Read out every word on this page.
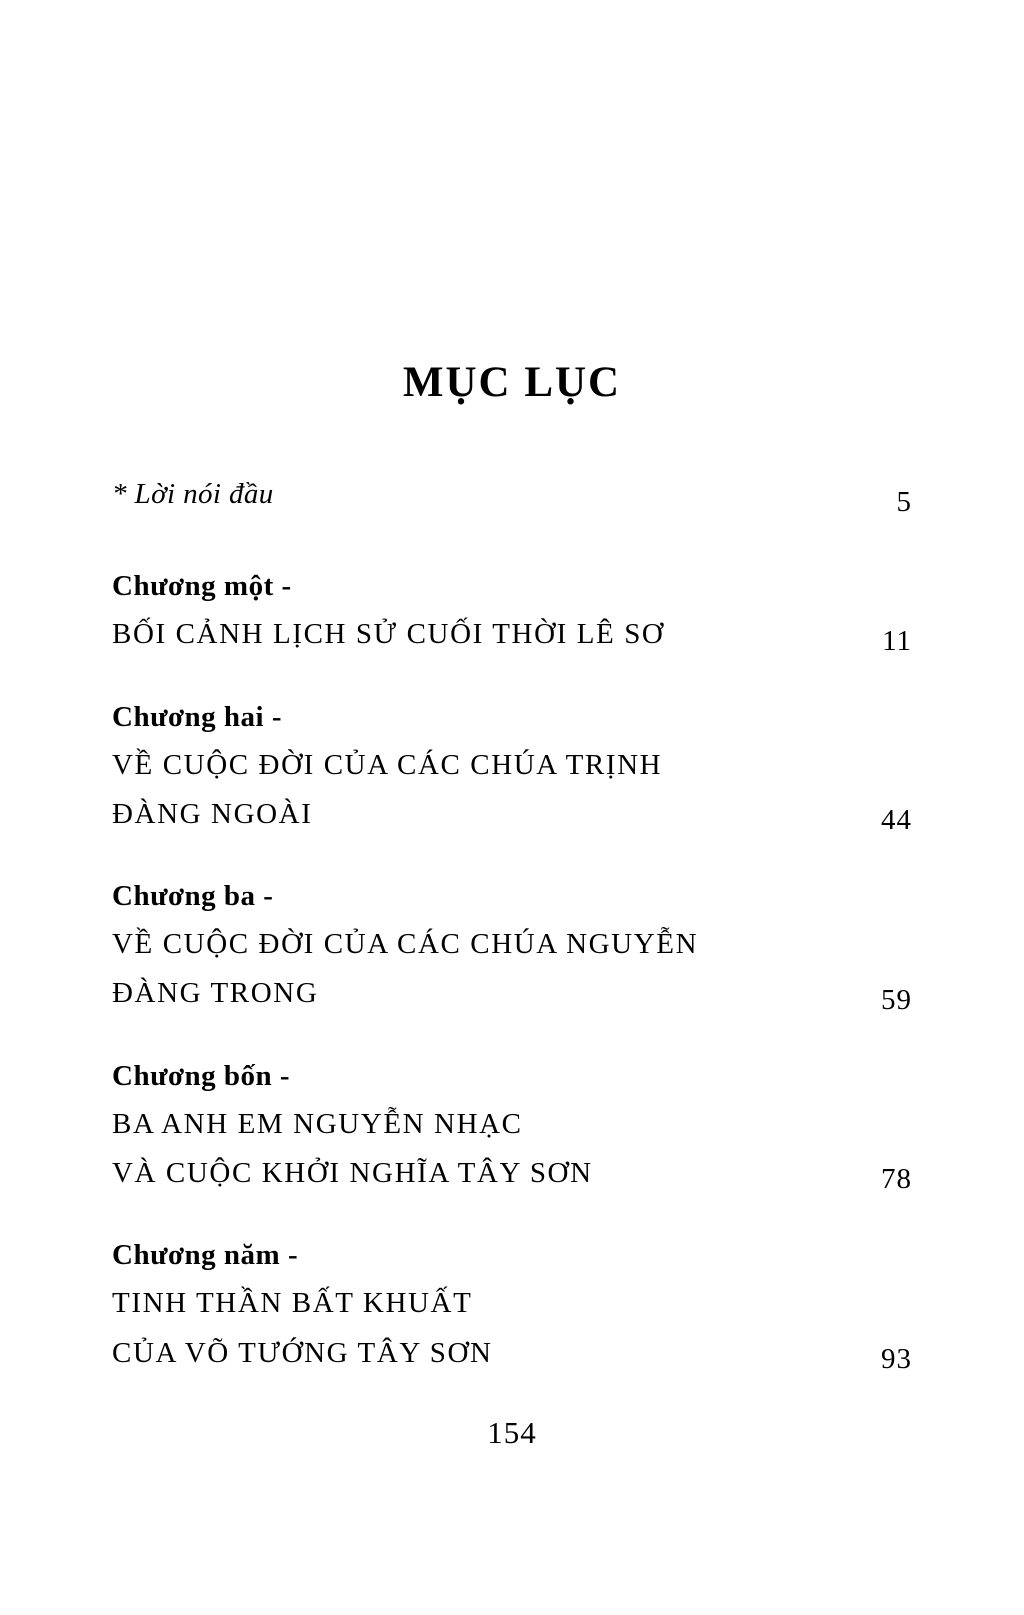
MỤC LỤC
* Lời nói đầu	5
Chương một -
BỐI CẢNH LỊCH SỬ CUỐI THỜI LÊ SƠ	11
Chương hai -
VỀ CUỘC ĐỜI CỦA CÁC CHÚA TRỊNH
ĐÀNG NGOÀI	44
Chương ba -
VỀ CUỘC ĐỜI CỦA CÁC CHÚA NGUYỄN
ĐÀNG TRONG	59
Chương bốn -
BA ANH EM NGUYỄN NHẠC
VÀ CUỘC KHỞI NGHĨA TÂY SƠN	78
Chương năm -
TINH THẦN BẤT KHUẤT
CỦA VÕ TƯỚNG TÂY SƠN	93
154
